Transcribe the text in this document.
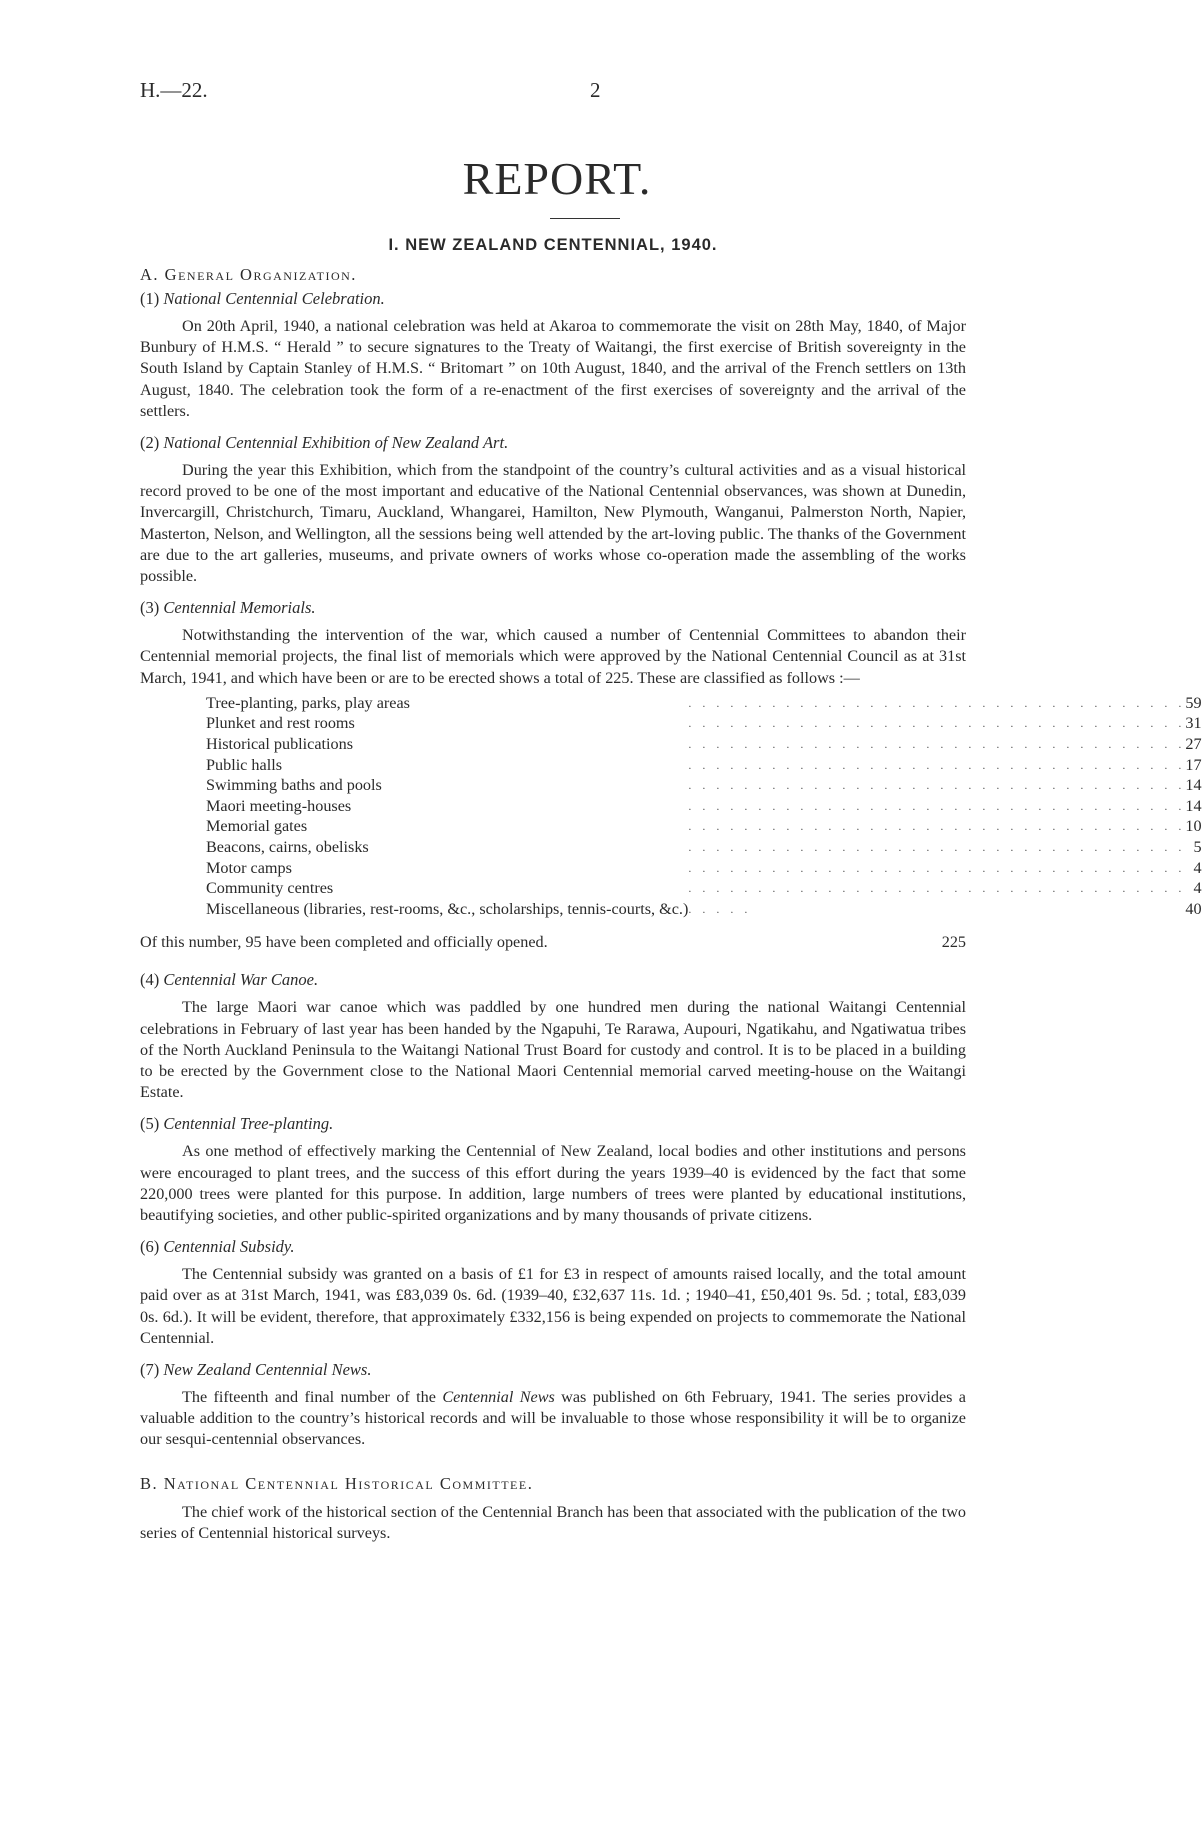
H.—22.	2
REPORT.
I. NEW ZEALAND CENTENNIAL, 1940.
A. General Organization.
(1) National Centennial Celebration.

On 20th April, 1940, a national celebration was held at Akaroa to commemorate the visit on 28th May, 1840, of Major Bunbury of H.M.S. “ Herald ” to secure signatures to the Treaty of Waitangi, the first exercise of British sovereignty in the South Island by Captain Stanley of H.M.S. “ Britomart ” on 10th August, 1840, and the arrival of the French settlers on 13th August, 1840. The celebration took the form of a re-enactment of the first exercises of sovereignty and the arrival of the settlers.

(2) National Centennial Exhibition of New Zealand Art.

During the year this Exhibition, which from the standpoint of the country’s cultural activities and as a visual historical record proved to be one of the most important and educative of the National Centennial observances, was shown at Dunedin, Invercargill, Christchurch, Timaru, Auckland, Whangarei, Hamilton, New Plymouth, Wanganui, Palmerston North, Napier, Masterton, Nelson, and Wellington, all the sessions being well attended by the art-loving public. The thanks of the Government are due to the art galleries, museums, and private owners of works whose co-operation made the assembling of the works possible.

(3) Centennial Memorials.

Notwithstanding the intervention of the war, which caused a number of Centennial Committees to abandon their Centennial memorial projects, the final list of memorials which were approved by the National Centennial Council as at 31st March, 1941, and which have been or are to be erected shows a total of 225. These are classified as follows :—

Tree-planting, parks, play areas	. . . . . . . . . . . . . . . . . . . . . . . . . . . . . . . . . . . .	59
Plunket and rest rooms	. . . . . . . . . . . . . . . . . . . . . . . . . . . . . . . . . . . .	31
Historical publications	. . . . . . . . . . . . . . . . . . . . . . . . . . . . . . . . . . . .	27
Public halls	. . . . . . . . . . . . . . . . . . . . . . . . . . . . . . . . . . . .	17
Swimming baths and pools	. . . . . . . . . . . . . . . . . . . . . . . . . . . . . . . . . . . .	14
Maori meeting-houses	. . . . . . . . . . . . . . . . . . . . . . . . . . . . . . . . . . . .	14
Memorial gates	. . . . . . . . . . . . . . . . . . . . . . . . . . . . . . . . . . . .	10
Beacons, cairns, obelisks	. . . . . . . . . . . . . . . . . . . . . . . . . . . . . . . . . . . .	5
Motor camps	. . . . . . . . . . . . . . . . . . . . . . . . . . . . . . . . . . . .	4
Community centres	. . . . . . . . . . . . . . . . . . . . . . . . . . . . . . . . . . . .	4
Miscellaneous (libraries, rest-rooms, &c., scholarships, tennis-courts, &c.)	. . . . .	40
Of this number, 95 have been completed and officially opened.	225
(4) Centennial War Canoe.

The large Maori war canoe which was paddled by one hundred men during the national Waitangi Centennial celebrations in February of last year has been handed by the Ngapuhi, Te Rarawa, Aupouri, Ngatikahu, and Ngatiwatua tribes of the North Auckland Peninsula to the Waitangi National Trust Board for custody and control. It is to be placed in a building to be erected by the Government close to the National Maori Centennial memorial carved meeting-house on the Waitangi Estate.

(5) Centennial Tree-planting.

As one method of effectively marking the Centennial of New Zealand, local bodies and other institutions and persons were encouraged to plant trees, and the success of this effort during the years 1939–40 is evidenced by the fact that some 220,000 trees were planted for this purpose. In addition, large numbers of trees were planted by educational institutions, beautifying societies, and other public-spirited organizations and by many thousands of private citizens.

(6) Centennial Subsidy.

The Centennial subsidy was granted on a basis of £1 for £3 in respect of amounts raised locally, and the total amount paid over as at 31st March, 1941, was £83,039 0s. 6d. (1939–40, £32,637 11s. 1d. ; 1940–41, £50,401 9s. 5d. ; total, £83,039 0s. 6d.). It will be evident, therefore, that approximately £332,156 is being expended on projects to commemorate the National Centennial.

(7) New Zealand Centennial News.

The fifteenth and final number of the Centennial News was published on 6th February, 1941. The series provides a valuable addition to the country’s historical records and will be invaluable to those whose responsibility it will be to organize our sesqui-centennial observances.

B. National Centennial Historical Committee.

The chief work of the historical section of the Centennial Branch has been that associated with the publication of the two series of Centennial historical surveys.
